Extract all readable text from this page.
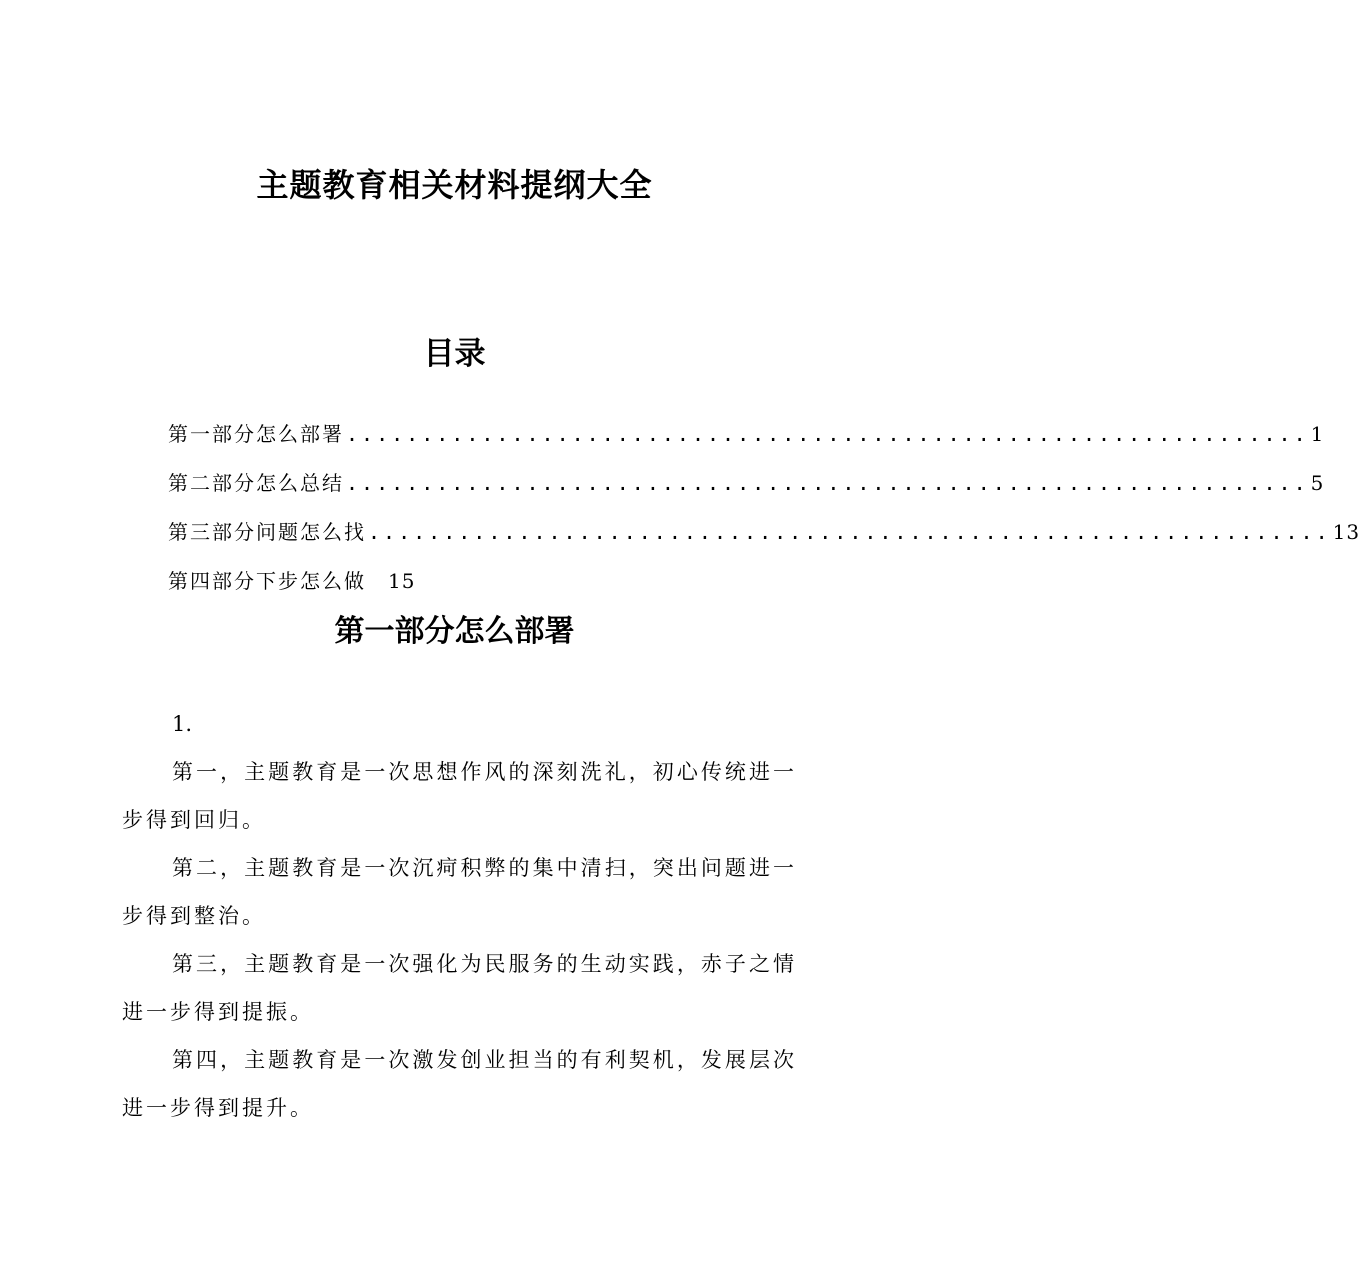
主题教育相关材料提纲大全
目录
第一部分怎么部署 ................................................................ 1
第二部分怎么总结 ................................................................ 5
第三部分问题怎么找 ................................................................ 13
第四部分下步怎么做 15
第一部分怎么部署

1.

第一，主题教育是一次思想作风的深刻洗礼，初心传统进一步得到回归。

第二，主题教育是一次沉疴积弊的集中清扫，突出问题进一步得到整治。

第三，主题教育是一次强化为民服务的生动实践，赤子之情进一步得到提振。

第四，主题教育是一次激发创业担当的有利契机，发展层次进一步得到提升。
